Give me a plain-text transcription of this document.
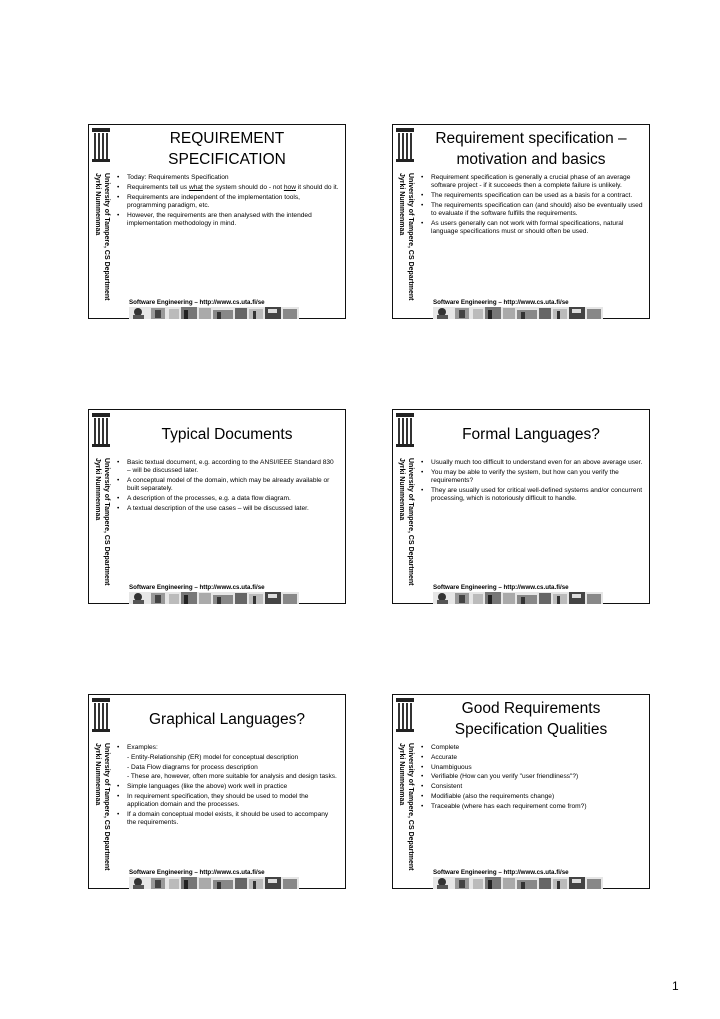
University of Tampere, CS Department
Jyrki Nummenmaa
REQUIREMENT
SPECIFICATION
• Today: Requirements Specification
• Requirements tell us what the system should do - not how it should do it.
• Requirements are independent of the implementation tools, programming paradigm, etc.
• However, the requirements are then analysed with the intended implementation methodology in mind.
Software Engineering – http://www.cs.uta.fi/se
University of Tampere, CS Department
Jyrki Nummenmaa
Requirement specification –
motivation and basics
• Requirement specification is generally a crucial phase of an average software project - if it succeeds then a complete failure is unlikely.
• The requirements specification can be used as a basis for a contract.
• The requirements specification can (and should) also be eventually used to evaluate if the software fulfills the requirements.
• As users generally can not work with formal specifications, natural language specifications must or should often be used.
Software Engineering – http://www.cs.uta.fi/se
University of Tampere, CS Department
Jyrki Nummenmaa
Typical Documents
• Basic textual document, e.g. according to the ANSI/IEEE Standard 830 – will be discussed later.
• A conceptual model of the domain, which may be already available or built separately.
• A description of the processes, e.g. a data flow diagram.
• A textual description of the use cases – will be discussed later.
Software Engineering – http://www.cs.uta.fi/se
University of Tampere, CS Department
Jyrki Nummenmaa
Formal Languages?
• Usually much too difficult to understand even for an above average user.
• You may be able to verify the system, but how can you verify the requirements?
• They are usually used for critical well-defined systems and/or concurrent processing, which is notoriously difficult to handle.
Software Engineering – http://www.cs.uta.fi/se
University of Tampere, CS Department
Jyrki Nummenmaa
Graphical Languages?
• Examples:
- Entity-Relationship (ER) model for conceptual description
- Data Flow diagrams for process description
- These are, however, often more suitable for analysis and design tasks.
• Simple languages (like the above) work well in practice
• In requirement specification, they should be used to model the application domain and the processes.
• If a domain conceptual model exists, it should be used to accompany the requirements.
Software Engineering – http://www.cs.uta.fi/se
University of Tampere, CS Department
Jyrki Nummenmaa
Good Requirements
Specification Qualities
• Complete
• Accurate
• Unambiguous
• Verifiable (How can you verify "user friendliness"?)
• Consistent
• Modifiable (also the requirements change)
• Traceable (where has each requirement come from?)
Software Engineering – http://www.cs.uta.fi/se
1
